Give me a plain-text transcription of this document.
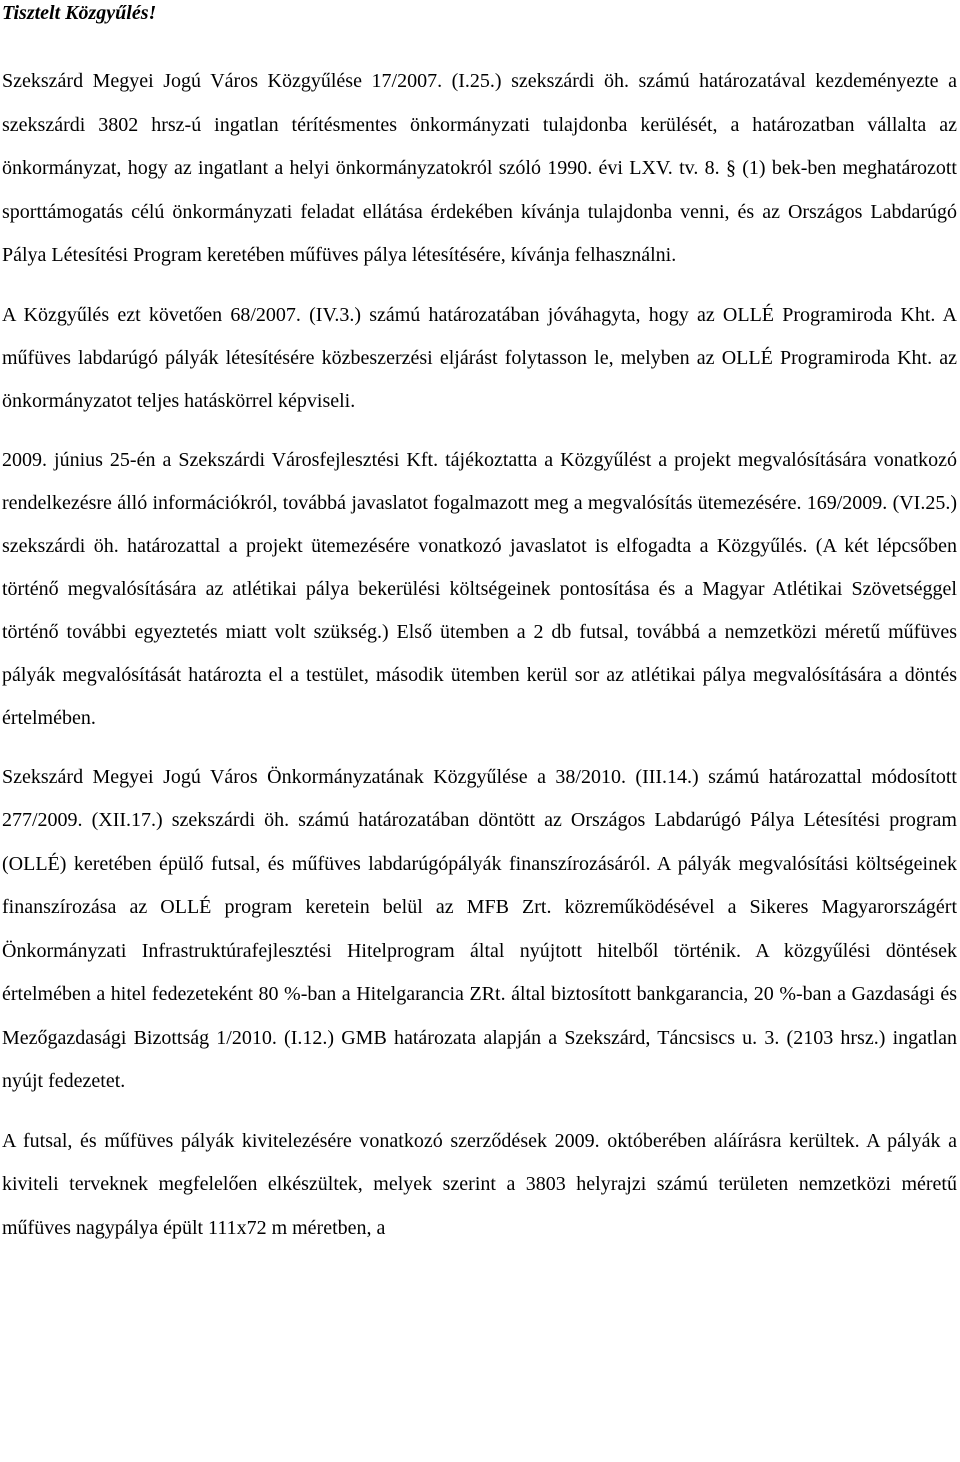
Tisztelt Közgyűlés!

Szekszárd Megyei Jogú Város Közgyűlése 17/2007. (I.25.) szekszárdi öh. számú határozatával kezdeményezte a szekszárdi 3802 hrsz-ú ingatlan térítésmentes önkormányzati tulajdonba kerülését, a határozatban vállalta az önkormányzat, hogy az ingatlant a helyi önkormányzatokról szóló 1990. évi LXV. tv. 8. § (1) bek-ben meghatározott sporttámogatás célú önkormányzati feladat ellátása érdekében kívánja tulajdonba venni, és az Országos Labdarúgó Pálya Létesítési Program keretében műfüves pálya létesítésére, kívánja felhasználni.

A Közgyűlés ezt követően 68/2007. (IV.3.) számú határozatában jóváhagyta, hogy az OLLÉ Programiroda Kht. A műfüves labdarúgó pályák létesítésére közbeszerzési eljárást folytasson le, melyben az OLLÉ Programiroda Kht. az önkormányzatot teljes hatáskörrel képviseli.

2009. június 25-én a Szekszárdi Városfejlesztési Kft. tájékoztatta a Közgyűlést a projekt megvalósítására vonatkozó rendelkezésre álló információkról, továbbá javaslatot fogalmazott meg a megvalósítás ütemezésére. 169/2009. (VI.25.) szekszárdi öh. határozattal a projekt ütemezésére vonatkozó javaslatot is elfogadta a Közgyűlés. (A két lépcsőben történő megvalósítására az atlétikai pálya bekerülési költségeinek pontosítása és a Magyar Atlétikai Szövetséggel történő további egyeztetés miatt volt szükség.) Első ütemben a 2 db futsal, továbbá a nemzetközi méretű műfüves pályák megvalósítását határozta el a testület, második ütemben kerül sor az atlétikai pálya megvalósítására a döntés értelmében.

Szekszárd Megyei Jogú Város Önkormányzatának Közgyűlése a 38/2010. (III.14.) számú határozattal módosított 277/2009. (XII.17.) szekszárdi öh. számú határozatában döntött az Országos Labdarúgó Pálya Létesítési program (OLLÉ) keretében épülő futsal, és műfüves labdarúgópályák finanszírozásáról. A pályák megvalósítási költségeinek finanszírozása az OLLÉ program keretein belül az MFB Zrt. közreműködésével a Sikeres Magyarországért Önkormányzati Infrastruktúrafejlesztési Hitelprogram által nyújtott hitelből történik. A közgyűlési döntések értelmében a hitel fedezeteként 80 %-ban a Hitelgarancia ZRt. által biztosított bankgarancia, 20 %-ban a Gazdasági és Mezőgazdasági Bizottság 1/2010. (I.12.) GMB határozata alapján a Szekszárd, Táncsiscs u. 3. (2103 hrsz.) ingatlan nyújt fedezetet.

A futsal, és műfüves pályák kivitelezésére vonatkozó szerződések 2009. októberében aláírásra kerültek. A pályák a kiviteli terveknek megfelelően elkészültek, melyek szerint a 3803 helyrajzi számú területen nemzetközi méretű műfüves nagypálya épült 111x72 m méretben, a
